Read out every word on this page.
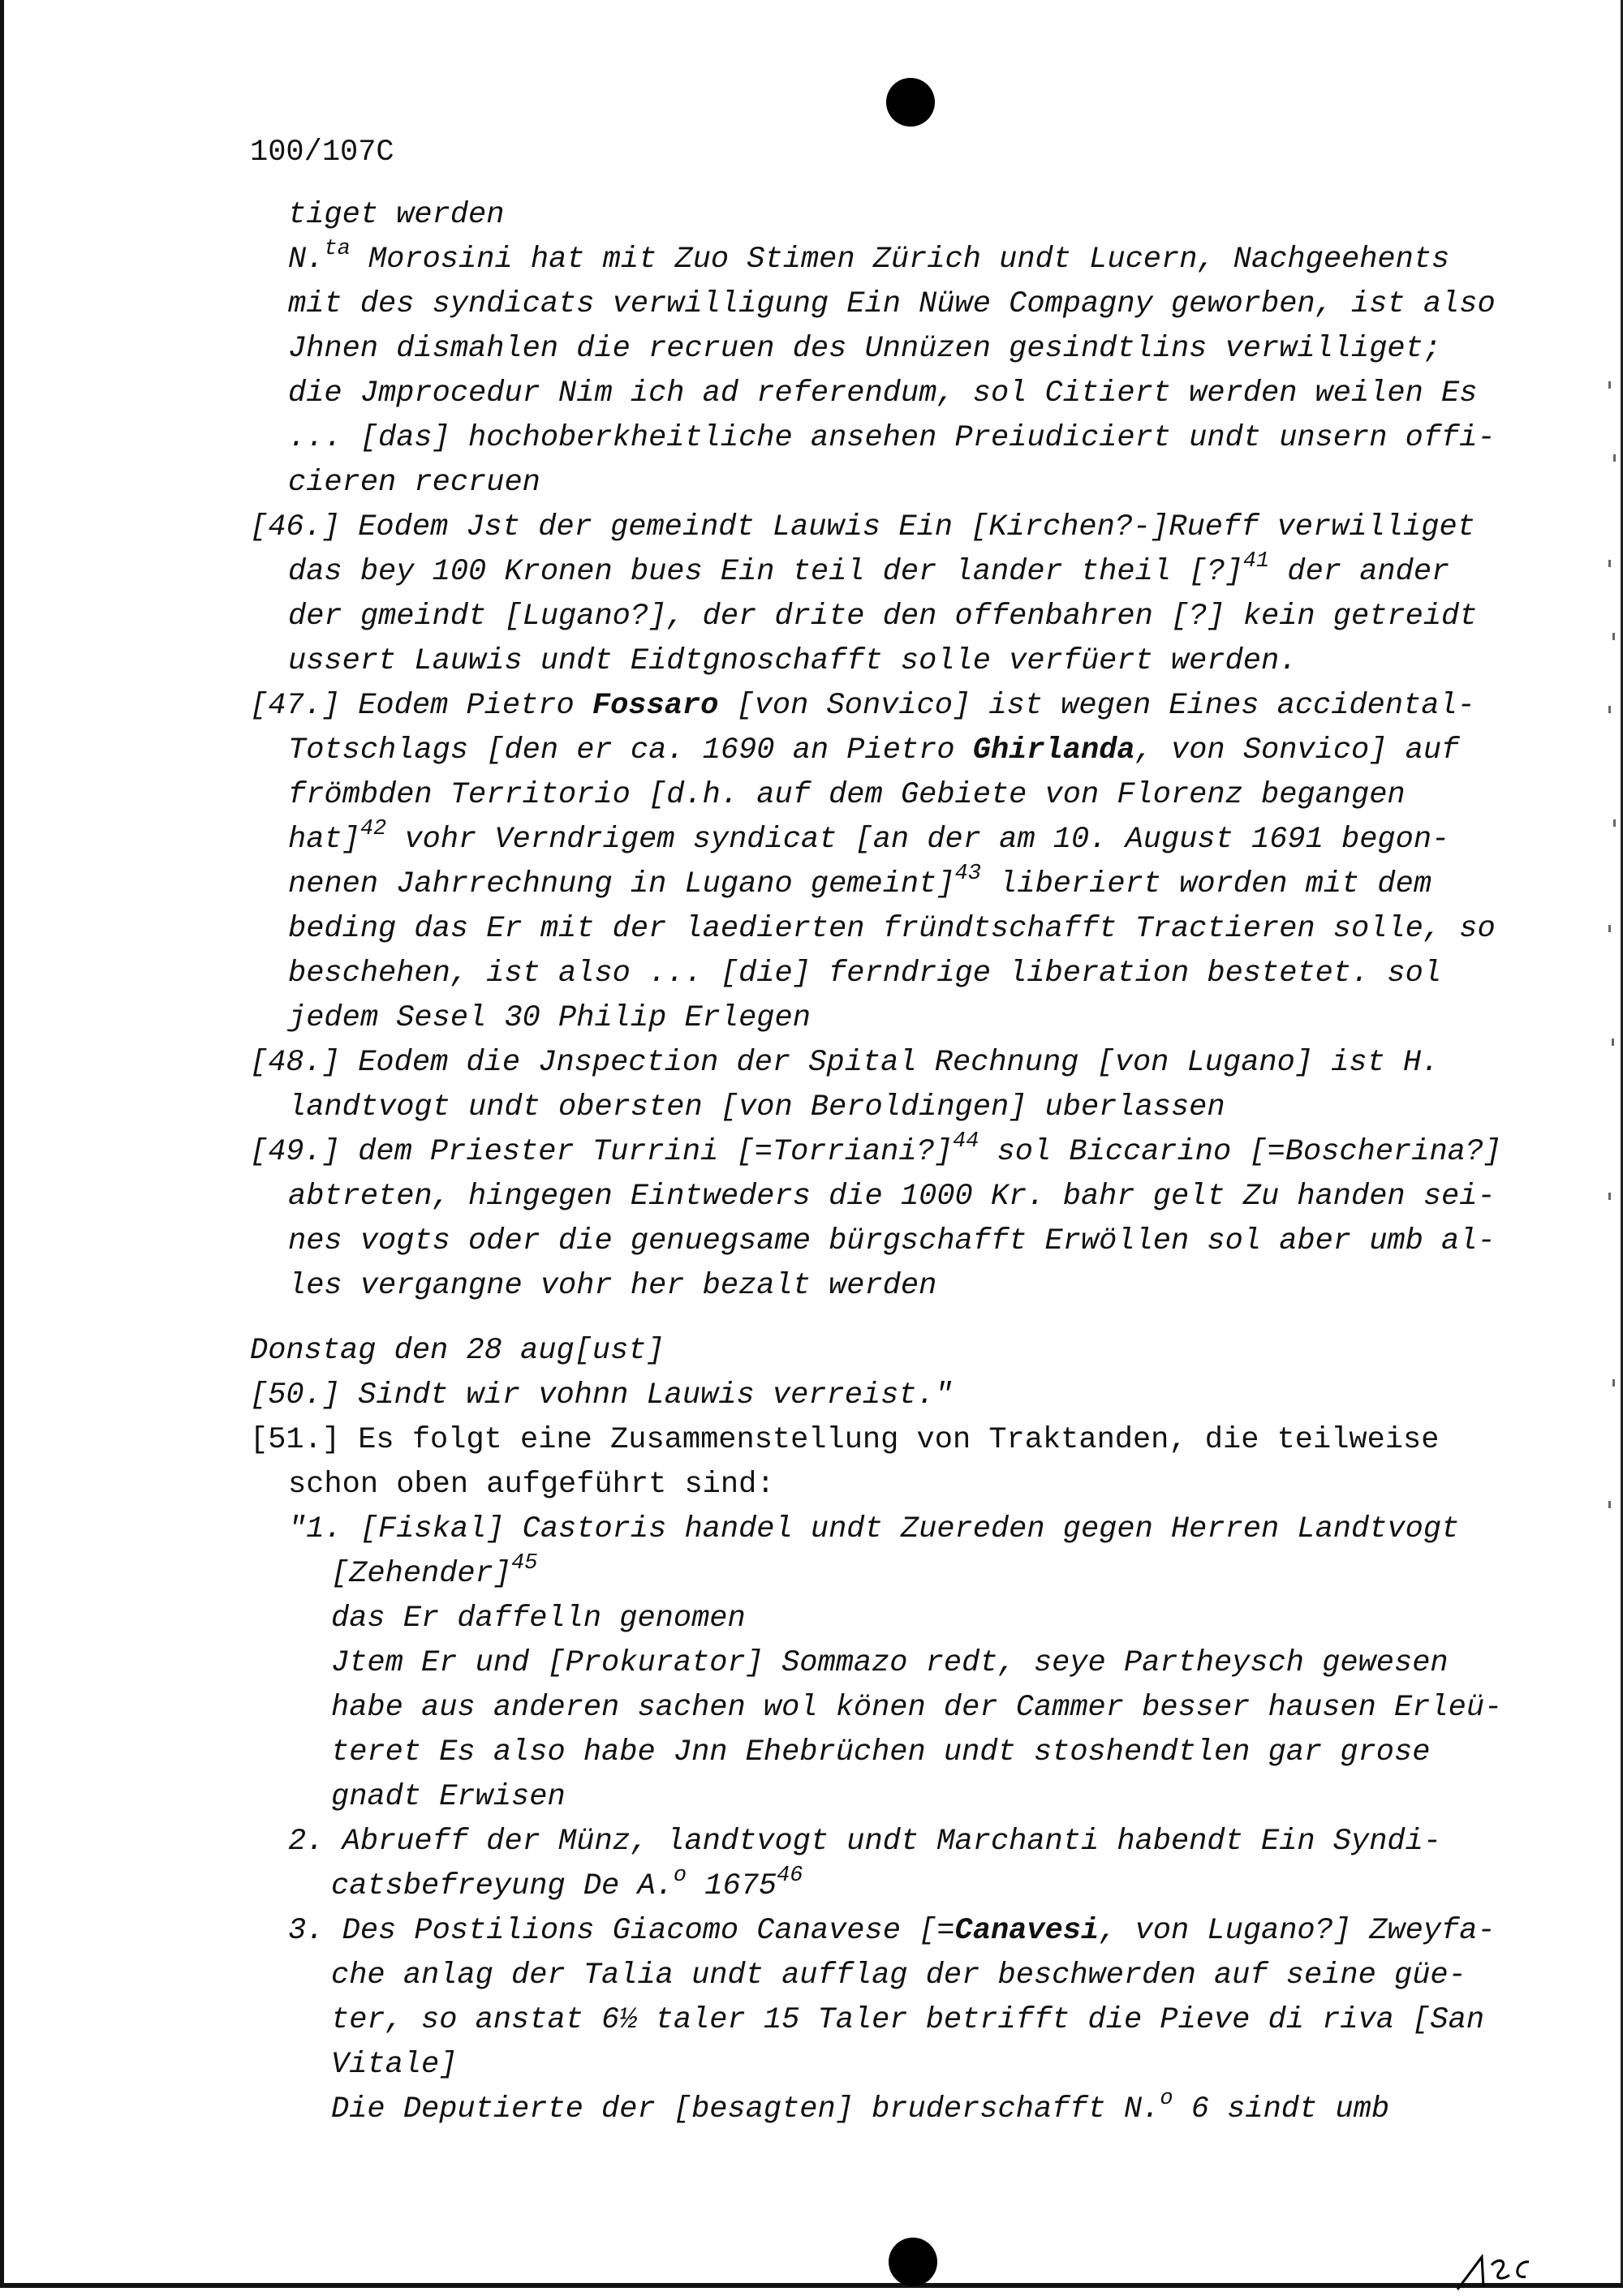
100/107C
tiget werden
N.$^{ta}$ Morosini hat mit Zuo Stimen Zürich undt Lucern, Nachgeehents
mit des syndicats verwilligung Ein Nüwe Compagny geworben, ist also
Jhnen dismahlen die recruen des Unnüzen gesindtlins verwilliget;
die Jmprocedur Nim ich ad referendum, sol Citiert werden weilen Es
... [das] hochoberkheitliche ansehen Preiudiciert undt unsern offi-
cieren recruen
[46.] Eodem Jst der gemeindt Lauwis Ein [Kirchen?-]Rueff verwilliget
das bey 100 Kronen bues Ein teil der lander theil [?]$^{41}$ der ander
der gmeindt [Lugano?], der drite den offenbahren [?] kein getreidt
ussert Lauwis undt Eidtgnoschafft solle verfüert werden.
[47.] Eodem Pietro Fossaro [von Sonvico] ist wegen Eines accidental-
Totschlags [den er ca. 1690 an Pietro Ghirlanda, von Sonvico] auf
frömbden Territorio [d.h. auf dem Gebiete von Florenz begangen
hat]$^{42}$ vohr Verndrigem syndicat [an der am 10. August 1691 begon-
nenen Jahrrechnung in Lugano gemeint]$^{43}$ liberiert worden mit dem
beding das Er mit der laedierten fründtschafft Tractieren solle, so
beschehen, ist also ... [die] ferndrige liberation bestetet. sol
jedem Sesel 30 Philip Erlegen
[48.] Eodem die Jnspection der Spital Rechnung [von Lugano] ist H.
landtvogt undt obersten [von Beroldingen] uberlassen
[49.] dem Priester Turrini [=Torriani?]$^{44}$ sol Biccarino [=Boscherina?]
abtreten, hingegen Eintweders die 1000 Kr. bahr gelt Zu handen sei-
nes vogts oder die genuegsame bürgschafft Erwöllen sol aber umb al-
les vergangne vohr her bezalt werden
Donstag den 28 aug[ust]
[50.] Sindt wir vohnn Lauwis verreist."
[51.] Es folgt eine Zusammenstellung von Traktanden, die teilweise
schon oben aufgeführt sind:
"1. [Fiskal] Castoris handel undt Zuereden gegen Herren Landtvogt
[Zehender]$^{45}$
das Er daffelln genomen
Jtem Er und [Prokurator] Sommazo redt, seye Partheysch gewesen
habe aus anderen sachen wol könen der Cammer besser hausen Erleü-
teret Es also habe Jnn Ehebrüchen undt stoshendtlen gar grose
gnadt Erwisen
2. Abrueff der Münz, landtvogt undt Marchanti habendt Ein Syndi-
catsbefreyung De A.$^o$ 1675$^{46}$
3. Des Postilions Giacomo Canavese [=Canavesi, von Lugano?] Zweyfa-
che anlag der Talia undt aufflag der beschwerden auf seine güe-
ter, so anstat 6½ taler 15 Taler betrifft die Pieve di riva [San
Vitale]
Die Deputierte der [besagten] bruderschafft N.$^o$ 6 sindt umb
